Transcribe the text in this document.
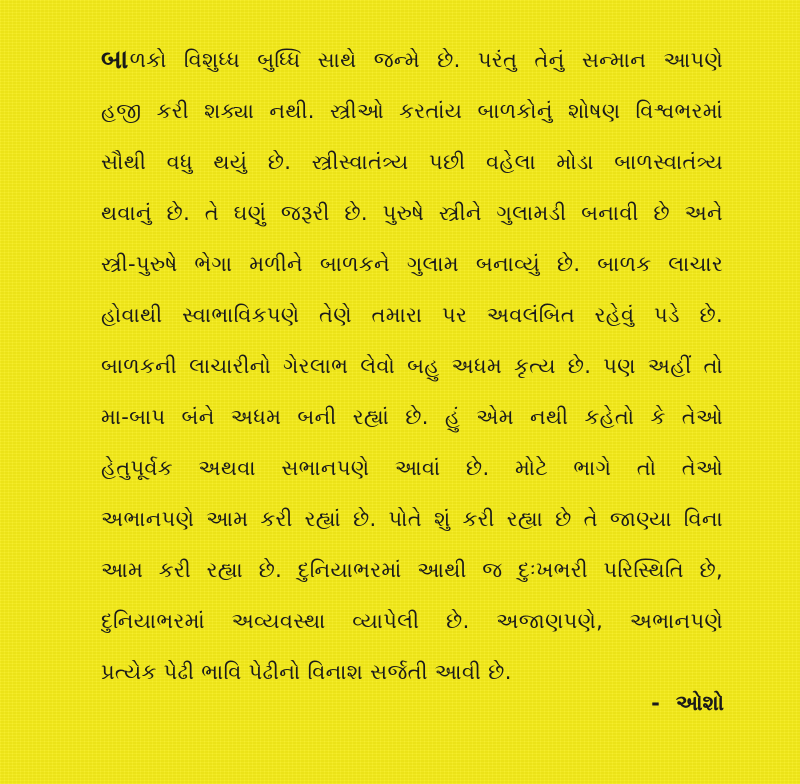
બા ળકો વિશુધ્ધ બુધ્ધિ સાથે જન્મે છે. પરંતુ તેનું સન્માન આપણે
હજી કરી શક્યા નથી. સ્ત્રીઓ કરતાંય બાળકોનું શોષણ વિશ્વભરમાં
સૌથી વધુ થયું છે. સ્ત્રીસ્વાતંત્ર્ય પછી વહેલા મોડા બાળસ્વાતંત્ર્ય
થવાનું છે. તે ઘણું જરૂરી છે. પુરુષે સ્ત્રીને ગુલામડી બનાવી છે અને
સ્ત્રી-પુરુષે ભેગા મળીને બાળકને ગુલામ બનાવ્યું છે. બાળક લાચાર
હોવાથી સ્વાભાવિકપણે તેણે તમારા પર અવલંબિત રહેવું પડે છે.
બાળકની લાચારીનો ગેરલાભ લેવો બહુ અધમ કૃત્ય છે. પણ અહીં તો
મા-બાપ બંને અધમ બની રહ્યાં છે. હું એમ નથી કહેતો કે તેઓ
હેતુપૂર્વક અથવા સભાનપણે આવાં છે. મોટે ભાગે તો તેઓ
અભાનપણે આમ કરી રહ્યાં છે. પોતે શું કરી રહ્યા છે તે જાણ્યા વિના
આમ કરી રહ્યા છે. દુનિયાભરમાં આથી જ દુઃખભરી પરિસ્થિતિ છે,
દુનિયાભરમાં અવ્યવસ્થા વ્યાપેલી છે. અજાણપણે, અભાનપણે
પ્રત્યેક પેઢી ભાવિ પેઢીનો વિનાશ સર્જતી આવી છે.
- ઓશો
